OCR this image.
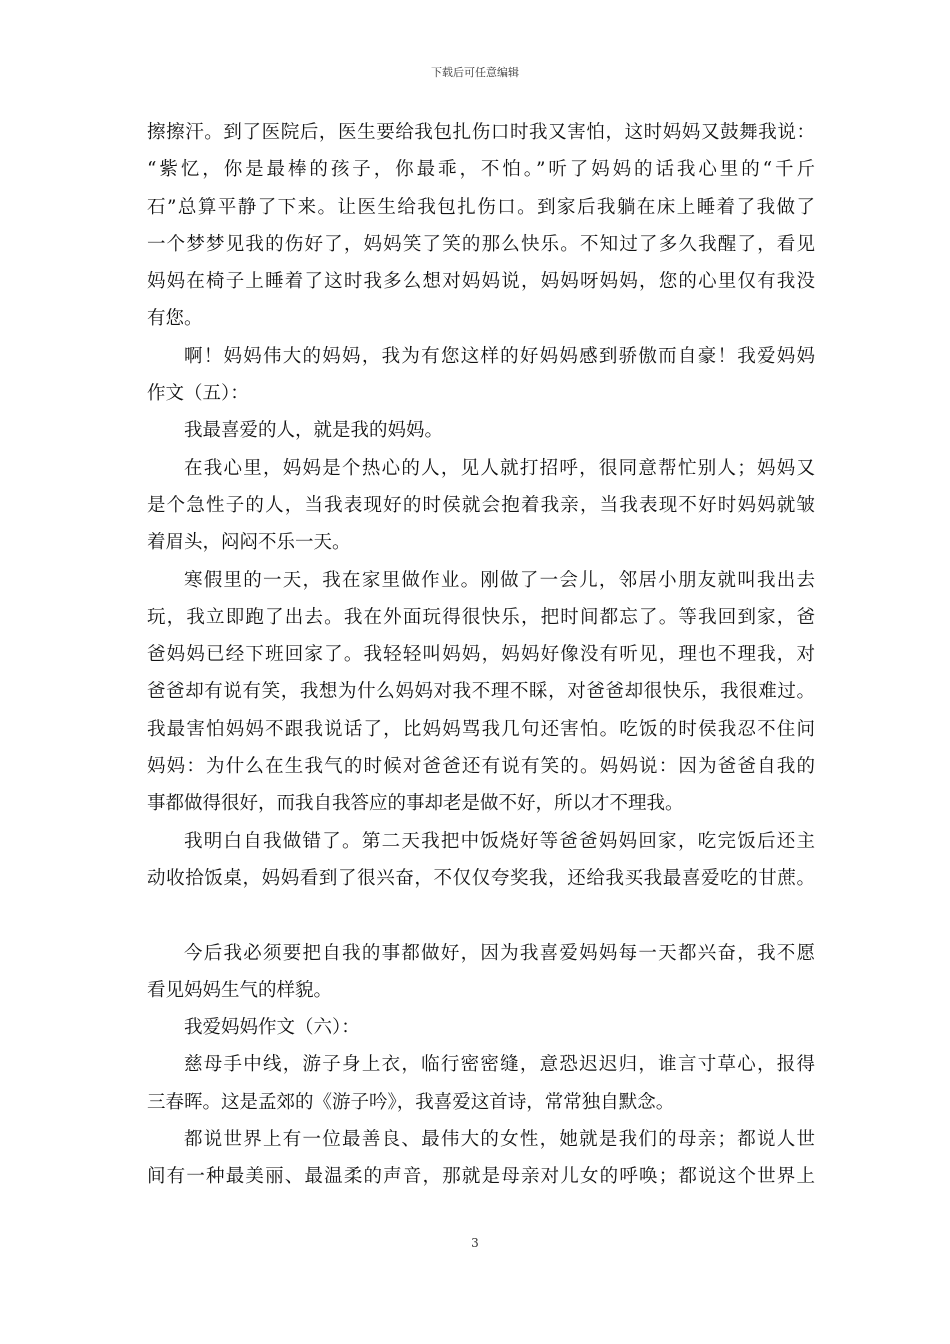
下载后可任意编辑
擦擦汗。到了医院后，医生要给我包扎伤口时我又害怕，这时妈妈又鼓舞我说：
“紫忆，你是最棒的孩子，你最乖，不怕。”听了妈妈的话我心里的“千斤
石”总算平静了下来。让医生给我包扎伤口。到家后我躺在床上睡着了我做了
一个梦梦见我的伤好了，妈妈笑了笑的那么快乐。不知过了多久我醒了，看见
妈妈在椅子上睡着了这时我多么想对妈妈说，妈妈呀妈妈，您的心里仅有我没
有您。
啊！妈妈伟大的妈妈，我为有您这样的好妈妈感到骄傲而自豪！我爱妈妈
作文（五）：
我最喜爱的人，就是我的妈妈。
在我心里，妈妈是个热心的人，见人就打招呼，很同意帮忙别人；妈妈又
是个急性子的人，当我表现好的时侯就会抱着我亲，当我表现不好时妈妈就皱
着眉头，闷闷不乐一天。
寒假里的一天，我在家里做作业。刚做了一会儿，邻居小朋友就叫我出去
玩，我立即跑了出去。我在外面玩得很快乐，把时间都忘了。等我回到家，爸
爸妈妈已经下班回家了。我轻轻叫妈妈，妈妈好像没有听见，理也不理我，对
爸爸却有说有笑，我想为什么妈妈对我不理不睬，对爸爸却很快乐，我很难过。
我最害怕妈妈不跟我说话了，比妈妈骂我几句还害怕。吃饭的时侯我忍不住问
妈妈：为什么在生我气的时候对爸爸还有说有笑的。妈妈说：因为爸爸自我的
事都做得很好，而我自我答应的事却老是做不好，所以才不理我。
我明白自我做错了。第二天我把中饭烧好等爸爸妈妈回家，吃完饭后还主
动收拾饭桌，妈妈看到了很兴奋，不仅仅夸奖我，还给我买我最喜爱吃的甘蔗。
今后我必须要把自我的事都做好，因为我喜爱妈妈每一天都兴奋，我不愿
看见妈妈生气的样貌。
我爱妈妈作文（六）：
慈母手中线，游子身上衣，临行密密缝，意恐迟迟归，谁言寸草心，报得
三春晖。这是孟郊的《游子吟》，我喜爱这首诗，常常独自默念。
都说世界上有一位最善良、最伟大的女性，她就是我们的母亲；都说人世
间有一种最美丽、最温柔的声音，那就是母亲对儿女的呼唤；都说这个世界上
3
